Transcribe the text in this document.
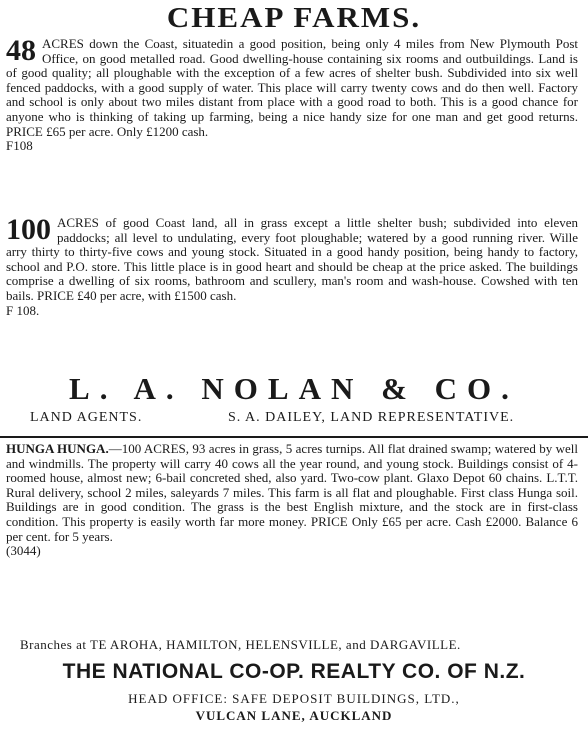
CHEAP FARMS.

48 ACRES down the Coast, situatedin a good position, being only 4 miles from New Plymouth Post Office, on good metalled road. Good dwelling-house containing six rooms and outbuildings. Land is of good quality; all ploughable with the exception of a few acres of shelter bush. Subdivided into six well fenced paddocks, with a good supply of water. This place will carry twenty cows and do then well. Factory and school is only about two miles distant from place with a good road to both. This is a good chance for anyone who is thinking of taking up farming, being a nice handy size for one man and get good returns. PRICE £65 per acre. Only £1200 cash.
F108

100 ACRES of good Coast land, all in grass except a little shelter bush; subdivided into eleven paddocks; all level to undulating, every foot ploughable; watered by a good running river. Wille arry thirty to thirty-five cows and young stock. Situated in a good handy position, being handy to factory, school and P.O. store. This little place is in good heart and should be cheap at the price asked. The buildings comprise a dwelling of six rooms, bathroom and scullery, man's room and wash-house. Cowshed with ten bails. PRICE £40 per acre, with £1500 cash.
F 108.

L. A. NOLAN & CO.
LAND AGENTS.	S. A. DAILEY, LAND REPRESENTATIVE.

HUNGA HUNGA.—100 ACRES, 93 acres in grass, 5 acres turnips. All flat drained swamp; watered by well and windmills. The property will carry 40 cows all the year round, and young stock. Buildings consist of 4-roomed house, almost new; 6-bail concreted shed, also yard. Two-cow plant. Glaxo Depot 60 chains. L.T.T. Rural delivery, school 2 miles, saleyards 7 miles. This farm is all flat and ploughable. First class Hunga soil. Buildings are in good condition. The grass is the best English mixture, and the stock are in first-class condition. This property is easily worth far more money. PRICE Only £65 per acre. Cash £2000. Balance 6 per cent. for 5 years.
(3044)

Branches at TE AROHA, HAMILTON, HELENSVILLE, and DARGAVILLE.
THE NATIONAL CO-OP. REALTY CO. OF N.Z.
HEAD OFFICE: SAFE DEPOSIT BUILDINGS, LTD.,
VULCAN LANE, AUCKLAND
